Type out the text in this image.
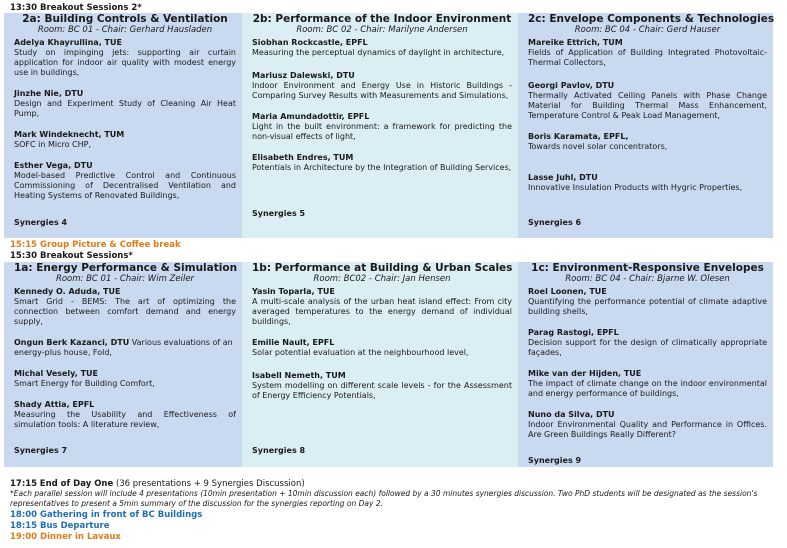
13:30 Breakout Sessions 2*
2a: Building Controls & Ventilation
Room: BC 01 - Chair: Gerhard Hausladen
Adelya Khayrullina, TUE
Study on impinging jets: supporting air curtain application for indoor air quality with modest energy use in buildings,
Jinzhe Nie, DTU
Design and Experiment Study of Cleaning Air Heat Pump,
Mark Windeknecht, TUM
SOFC in Micro CHP,
Esther Vega, DTU
Model-based Predictive Control and Continuous Commissioning of Decentralised Ventilation and Heating Systems of Renovated Buildings,
Synergies 4
2b: Performance of the Indoor Environment
Room: BC 02 - Chair: Marilyne Andersen
Siobhan Rockcastle, EPFL
Measuring the perceptual dynamics of daylight in architecture,
Mariusz Dalewski, DTU
Indoor Environment and Energy Use in Historic Buildings - Comparing Survey Results with Measurements and Simulations,
Maria Amundadottir, EPFL
Light in the built environment: a framework for predicting the non-visual effects of light,
Elisabeth Endres, TUM
Potentials in Architecture by the Integration of Building Services,
Synergies 5
2c: Envelope Components & Technologies
Room: BC 04 - Chair: Gerd Hauser
Mareike Ettrich, TUM
Fields of Application of Building Integrated Photovoltaic-Thermal Collectors,
Georgi Pavlov, DTU
Thermally Activated Ceiling Panels with Phase Change Material for Building Thermal Mass Enhancement, Temperature Control & Peak Load Management,
Boris Karamata, EPFL,
Towards novel solar concentrators,
Lasse Juhl, DTU
Innovative Insulation Products with Hygric Properties,
Synergies 6
15:15 Group Picture & Coffee break
15:30 Breakout Sessions*
1a: Energy Performance & Simulation
Room: BC 01 - Chair: Wim Zeiler
Kennedy O. Aduda, TUE
Smart Grid - BEMS: The art of optimizing the connection between comfort demand and energy supply,
Ongun Berk Kazanci, DTU Various evaluations of an energy-plus house, Fold,
Michal Vesely, TUE
Smart Energy for Building Comfort,
Shady Attia, EPFL
Measuring the Usability and Effectiveness of simulation tools: A literature review,
Synergies 7
1b: Performance at Building & Urban Scales
Room: BC02 - Chair: Jan Hensen
Yasin Toparla, TUE
A multi-scale analysis of the urban heat island effect: From city averaged temperatures to the energy demand of individual buildings,
Emilie Nault, EPFL
Solar potential evaluation at the neighbourhood level,
Isabell Nemeth, TUM
System modelling on different scale levels - for the Assessment of Energy Efficiency Potentials,
Synergies 8
1c: Environment-Responsive Envelopes
Room: BC 04 - Chair: Bjarne W. Olesen
Roel Loonen, TUE
Quantifying the performance potential of climate adaptive building shells,
Parag Rastogi, EPFL
Decision support for the design of climatically appropriate façades,
Mike van der Hijden, TUE
The impact of climate change on the indoor environmental and energy performance of buildings,
Nuno da Silva, DTU
Indoor Environmental Quality and Performance in Offices. Are Green Buildings Really Different?
Synergies 9
17:15 End of Day One (36 presentations + 9 Synergies Discussion)
*Each parallel session will include 4 presentations (10min presentation + 10min discussion each) followed by a 30 minutes synergies discussion. Two PhD students will be designated as the session's representatives to present a 5min summary of the discussion for the synergies reporting on Day 2.
18:00 Gathering in front of BC Buildings
18:15 Bus Departure
19:00 Dinner in Lavaux
